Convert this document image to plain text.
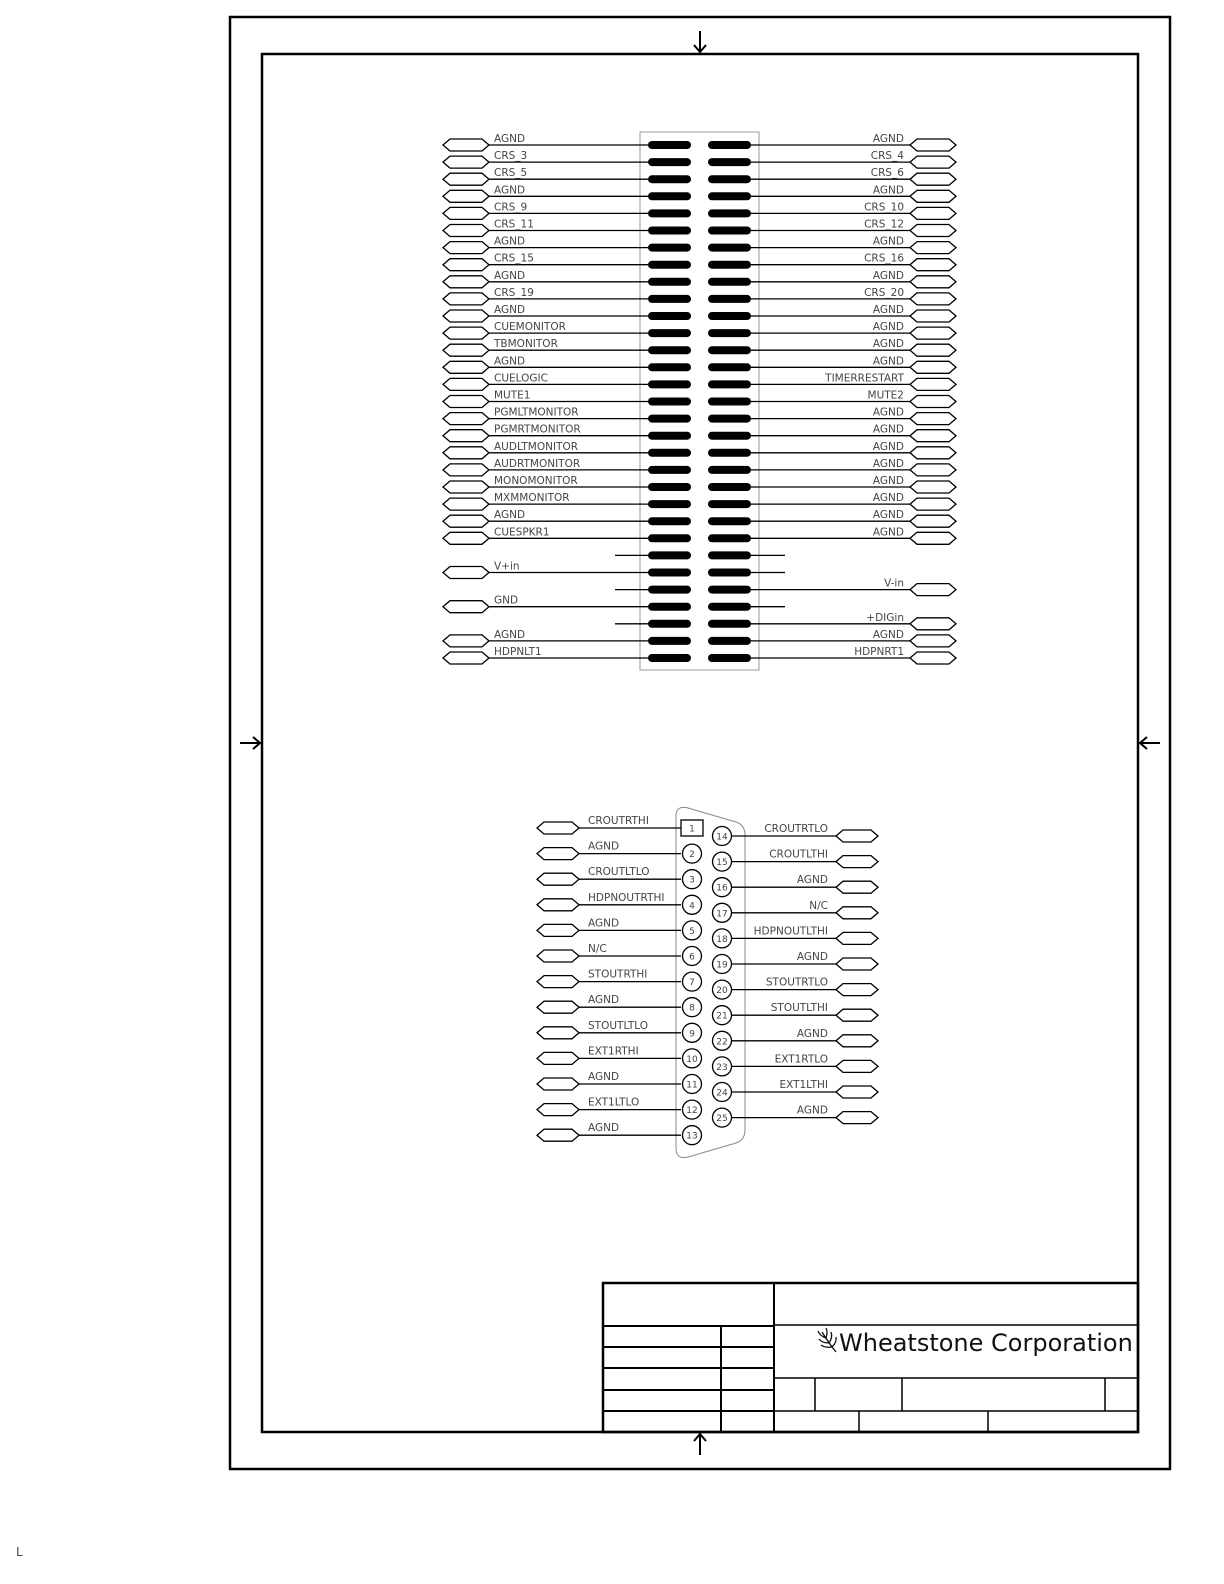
AGND
CRS_3
CRS_5
AGND
CRS_9
CRS_11
AGND
CRS_15
AGND
CRS_19
AGND
CUEMONITOR
TBMONITOR
AGND
CUELOGIC
MUTE1
PGMLTMONITOR
PGMRTMONITOR
AUDLTMONITOR
AUDRTMONITOR
MONOMONITOR
MXMMONITOR
AGND
CUESPKR1
V+in
GND
AGND
HDPNLT1
AGND
CRS_4
CRS_6
AGND
CRS_10
CRS_12
AGND
CRS_16
AGND
CRS_20
AGND
AGND
AGND
AGND
TIMERRESTART
MUTE2
AGND
AGND
AGND
AGND
AGND
AGND
AGND
AGND
V-in
+DIGin
AGND
HDPNRT1
1
CROUTRTHI
2
AGND
3
CROUTLTLO
4
HDPNOUTRTHI
5
AGND
6
N/C
7
STOUTRTHI
8
AGND
9
STOUTLTLO
10
EXT1RTHI
11
AGND
12
EXT1LTLO
13
AGND
14
CROUTRTLO
15
CROUTLTHI
16
AGND
17
N/C
18
HDPNOUTLTHI
19
AGND
20
STOUTRTLO
21
STOUTLTHI
22
AGND
23
EXT1RTLO
24
EXT1LTHI
25
AGND
Wheatstone Corporation
L
